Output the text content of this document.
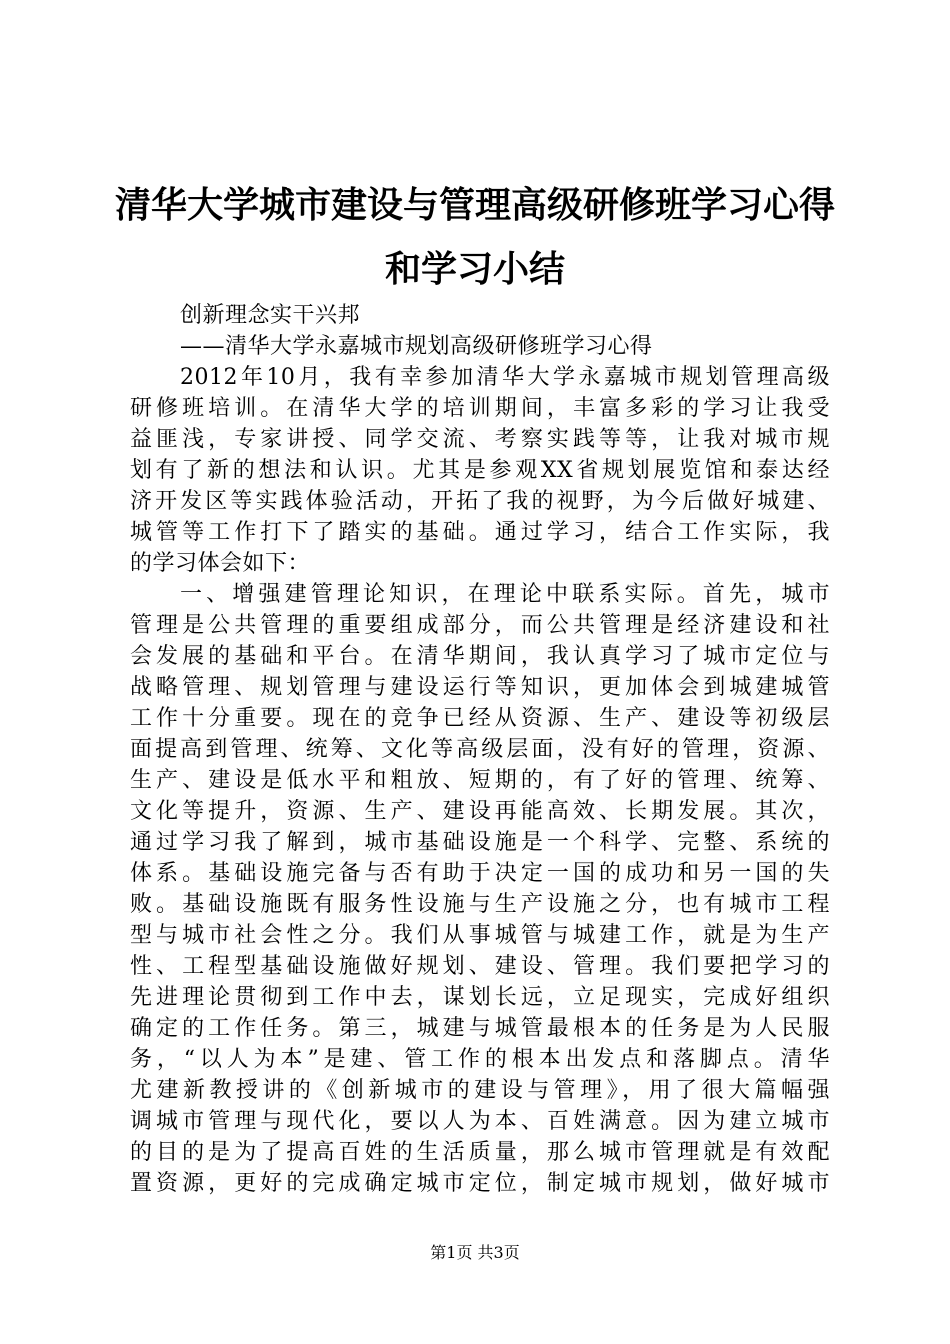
清华大学城市建设与管理高级研修班学习心得
和学习小结
创新理念实干兴邦
——清华大学永嘉城市规划高级研修班学习心得
2012年10月，我有幸参加清华大学永嘉城市规划管理高级
研修班培训。在清华大学的培训期间，丰富多彩的学习让我受
益匪浅，专家讲授、同学交流、考察实践等等，让我对城市规
划有了新的想法和认识。尤其是参观XX省规划展览馆和泰达经
济开发区等实践体验活动，开拓了我的视野，为今后做好城建、
城管等工作打下了踏实的基础。通过学习，结合工作实际，我
的学习体会如下：
一、增强建管理论知识，在理论中联系实际。首先，城市
管理是公共管理的重要组成部分，而公共管理是经济建设和社
会发展的基础和平台。在清华期间，我认真学习了城市定位与
战略管理、规划管理与建设运行等知识，更加体会到城建城管
工作十分重要。现在的竞争已经从资源、生产、建设等初级层
面提高到管理、统筹、文化等高级层面，没有好的管理，资源、
生产、建设是低水平和粗放、短期的，有了好的管理、统筹、
文化等提升，资源、生产、建设再能高效、长期发展。其次，
通过学习我了解到，城市基础设施是一个科学、完整、系统的
体系。基础设施完备与否有助于决定一国的成功和另一国的失
败。基础设施既有服务性设施与生产设施之分，也有城市工程
型与城市社会性之分。我们从事城管与城建工作，就是为生产
性、工程型基础设施做好规划、建设、管理。我们要把学习的
先进理论贯彻到工作中去，谋划长远，立足现实，完成好组织
确定的工作任务。第三，城建与城管最根本的任务是为人民服
务，“以人为本”是建、管工作的根本出发点和落脚点。清华
尤建新教授讲的《创新城市的建设与管理》，用了很大篇幅强
调城市管理与现代化，要以人为本、百姓满意。因为建立城市
的目的是为了提高百姓的生活质量，那么城市管理就是有效配
置资源，更好的完成确定城市定位，制定城市规划，做好城市
第1页 共3页
